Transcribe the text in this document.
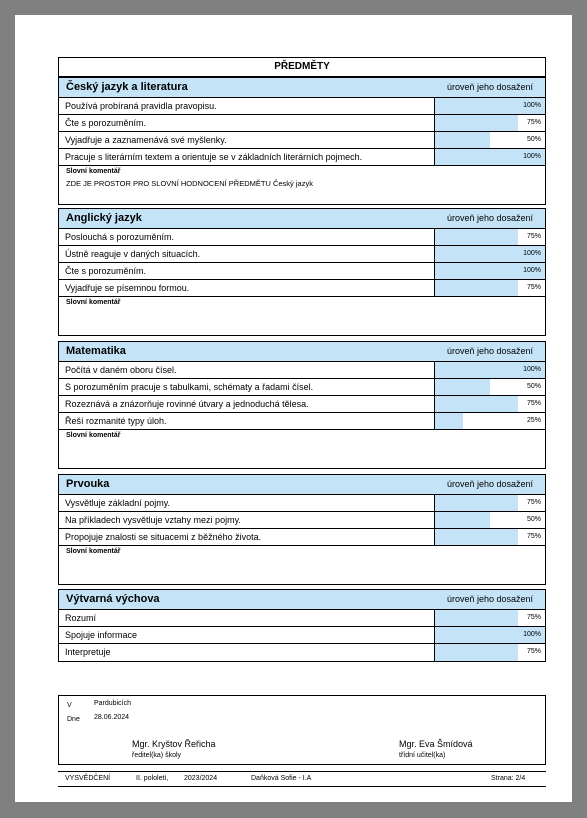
PŘEDMĚTY
Český jazyk a literatura	úroveň jeho dosažení
Používá probíraná pravidla pravopisu.	100%
Čte s porozuměním.	75%
Vyjadřuje a zaznamenává své myšlenky.	50%
Pracuje s literárním textem a orientuje se v základních literárních pojmech.	100%
Slovní komentář
ZDE JE PROSTOR PRO SLOVNÍ HODNOCENÍ PŘEDMĚTU Český jazyk
Anglický jazyk	úroveň jeho dosažení
Poslouchá s porozuměním.	75%
Ústně reaguje v daných situacích.	100%
Čte s porozuměním.	100%
Vyjadřuje se písemnou formou.	75%
Slovní komentář
Matematika	úroveň jeho dosažení
Počítá v daném oboru čísel.	100%
S porozuměním pracuje s tabulkami, schématy a řadami čísel.	50%
Rozeznává a znázorňuje rovinné útvary a jednoduchá tělesa.	75%
Řeší rozmanité typy úloh.	25%
Slovní komentář
Prvouka	úroveň jeho dosažení
Vysvětluje základní pojmy.	75%
Na příkladech vysvětluje vztahy mezi pojmy.	50%
Propojuje znalosti se situacemi z běžného života.	75%
Slovní komentář
Výtvarná výchova	úroveň jeho dosažení
Rozumí	75%
Spojuje informace	100%
Interpretuje	75%
V	Pardubicích
Dne 28.06.2024
Mgr. Kryštov Řeřicha
ředitel(ka) školy
Mgr. Eva Šmídová
třídní učitel(ka)
VYSVĚDČENÍ	II. pololetí, 2023/2024	Daňková Sofie - I.A	Strana: 2/4
